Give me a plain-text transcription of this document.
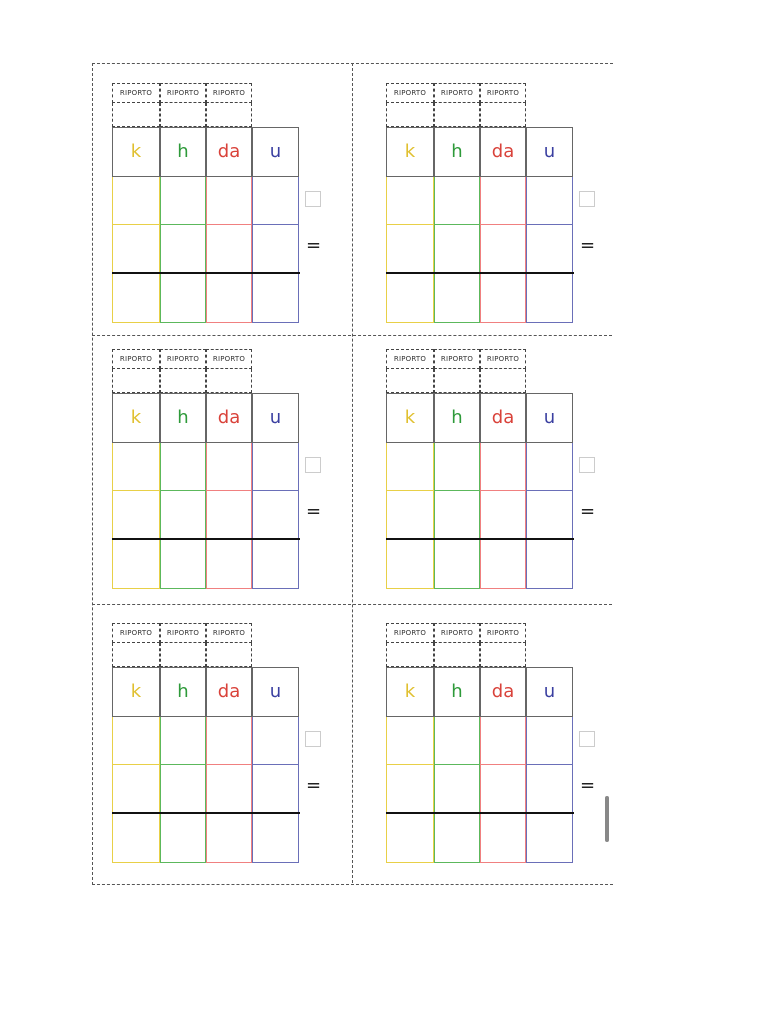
RIPORTO	RIPORTO	RIPORTO
k	h	da	u
=
RIPORTO	RIPORTO	RIPORTO
k	h	da	u
=
RIPORTO	RIPORTO	RIPORTO
k	h	da	u
=
RIPORTO	RIPORTO	RIPORTO
k	h	da	u
=
RIPORTO	RIPORTO	RIPORTO
k	h	da	u
=
RIPORTO	RIPORTO	RIPORTO
k	h	da	u
=
